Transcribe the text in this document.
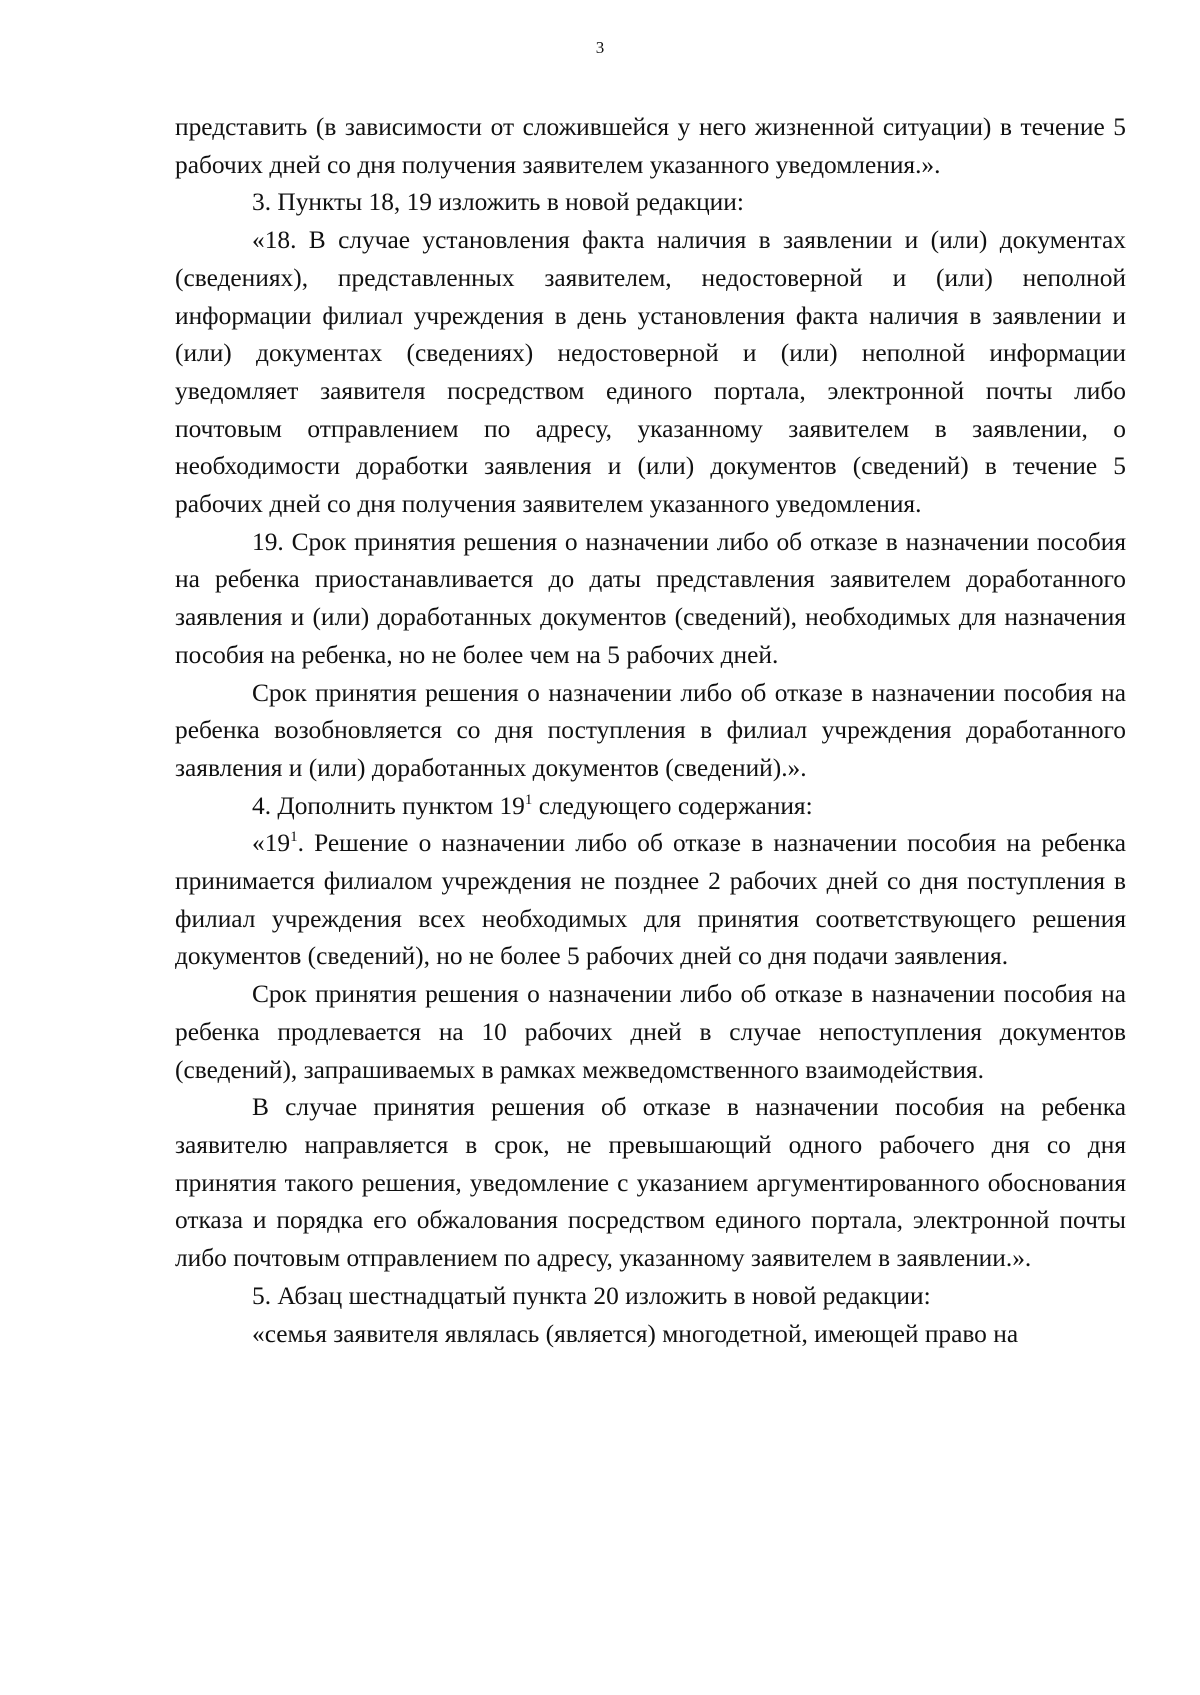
3

представить (в зависимости от сложившейся у него жизненной ситуации) в течение 5 рабочих дней со дня получения заявителем указанного уведомления.».

3. Пункты 18, 19 изложить в новой редакции:

«18. В случае установления факта наличия в заявлении и (или) документах (сведениях), представленных заявителем, недостоверной и (или) неполной информации филиал учреждения в день установления факта наличия в заявлении и (или) документах (сведениях) недостоверной и (или) неполной информации уведомляет заявителя посредством единого портала, электронной почты либо почтовым отправлением по адресу, указанному заявителем в заявлении, о необходимости доработки заявления и (или) документов (сведений) в течение 5 рабочих дней со дня получения заявителем указанного уведомления.

19. Срок принятия решения о назначении либо об отказе в назначении пособия на ребенка приостанавливается до даты представления заявителем доработанного заявления и (или) доработанных документов (сведений), необходимых для назначения пособия на ребенка, но не более чем на 5 рабочих дней.

Срок принятия решения о назначении либо об отказе в назначении пособия на ребенка возобновляется со дня поступления в филиал учреждения доработанного заявления и (или) доработанных документов (сведений).».

4. Дополнить пунктом $19^1$ следующего содержания:

«$19^1$. Решение о назначении либо об отказе в назначении пособия на ребенка принимается филиалом учреждения не позднее 2 рабочих дней со дня поступления в филиал учреждения всех необходимых для принятия соответствующего решения документов (сведений), но не более 5 рабочих дней со дня подачи заявления.

Срок принятия решения о назначении либо об отказе в назначении пособия на ребенка продлевается на 10 рабочих дней в случае непоступления документов (сведений), запрашиваемых в рамках межведомственного взаимодействия.

В случае принятия решения об отказе в назначении пособия на ребенка заявителю направляется в срок, не превышающий одного рабочего дня со дня принятия такого решения, уведомление с указанием аргументированного обоснования отказа и порядка его обжалования посредством единого портала, электронной почты либо почтовым отправлением по адресу, указанному заявителем в заявлении.».

5. Абзац шестнадцатый пункта 20 изложить в новой редакции:

«семья заявителя являлась (является) многодетной, имеющей право на
